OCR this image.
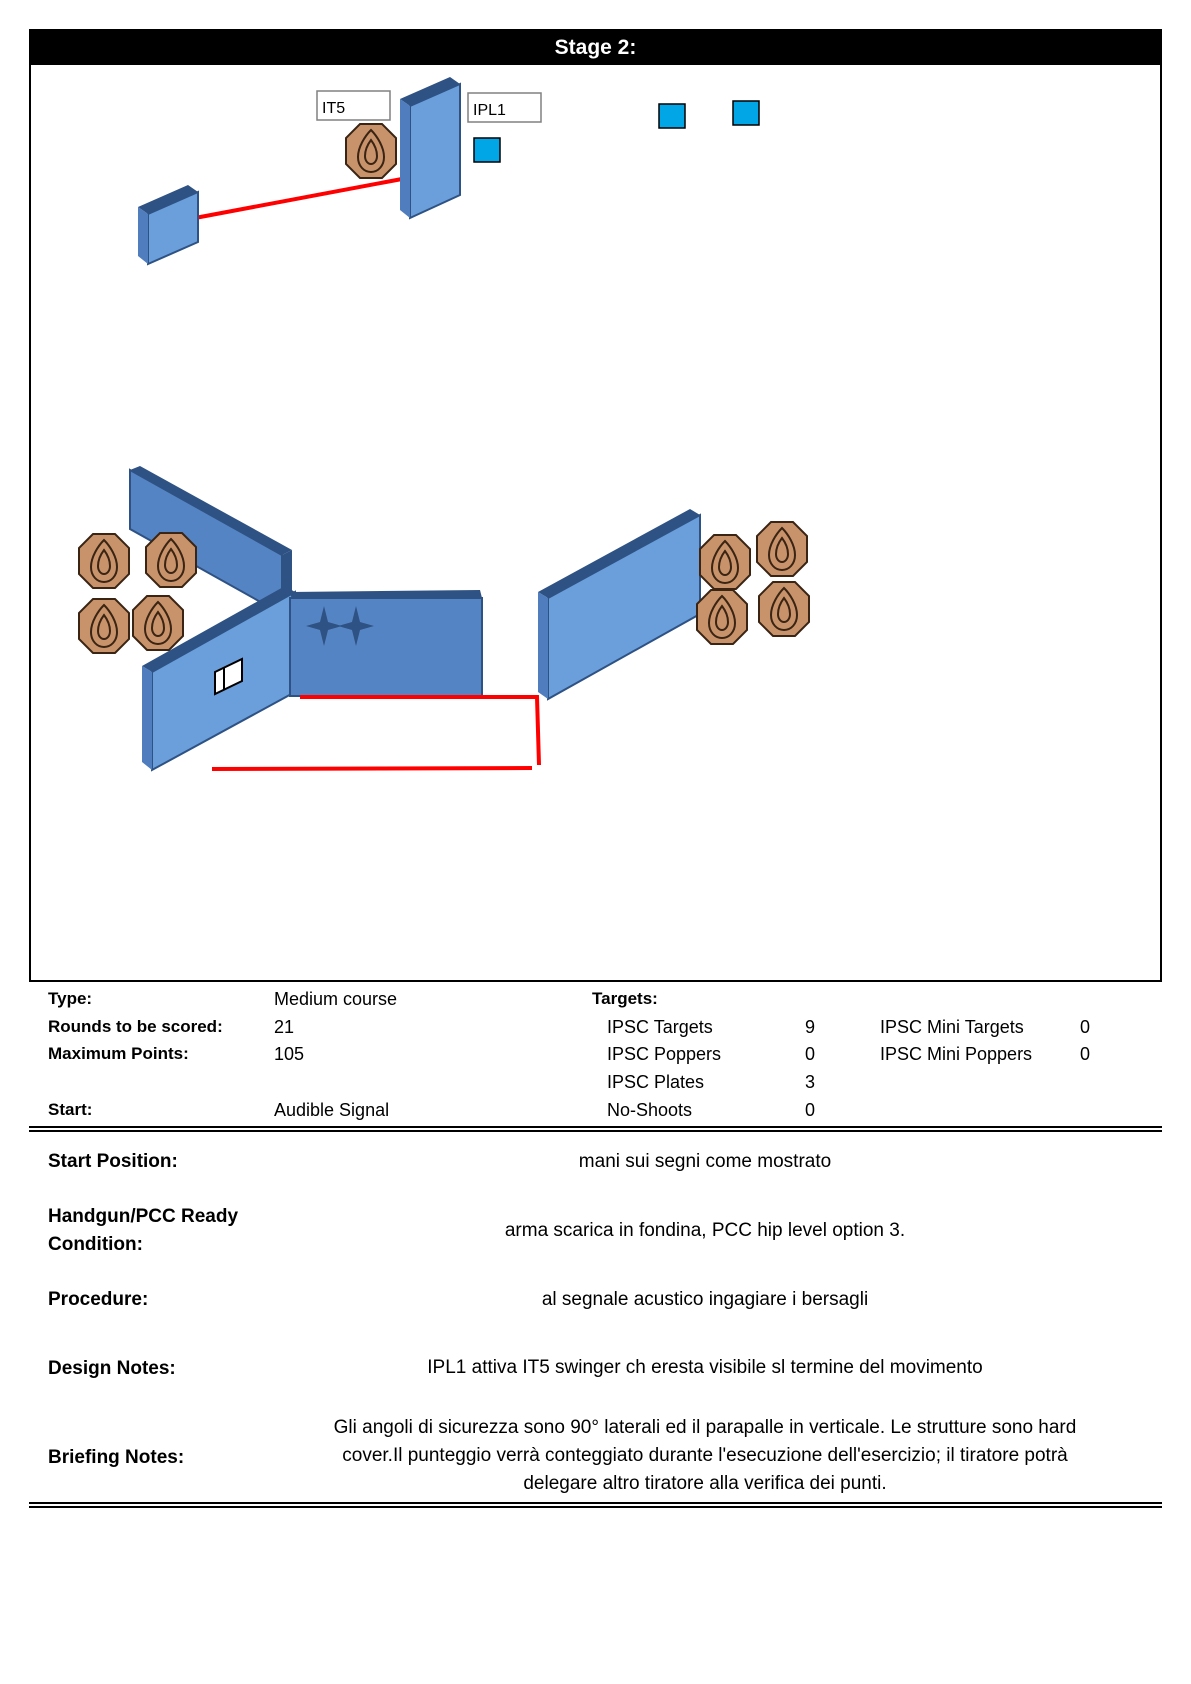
Stage 2:
IT5	IPL1
Type:	Medium course
Rounds to be scored:	21
Maximum Points:	105
Start:	Audible Signal
Targets:
IPSC Targets	9
IPSC Poppers	0
IPSC Plates	3
No-Shoots	0
IPSC Mini Targets	0
IPSC Mini Poppers	0
Start Position:	mani sui segni come mostrato
Handgun/PCC Ready
Condition:
arma scarica in fondina, PCC hip level option 3.
Procedure:	al segnale acustico ingagiare i bersagli
Design Notes:	IPL1 attiva IT5 swinger ch eresta visibile sl termine del movimento
Briefing Notes:
Gli angoli di sicurezza sono 90° laterali ed il parapalle in verticale. Le strutture sono hard
cover.Il punteggio verrà conteggiato durante l'esecuzione dell'esercizio; il tiratore potrà
delegare altro tiratore alla verifica dei punti.
